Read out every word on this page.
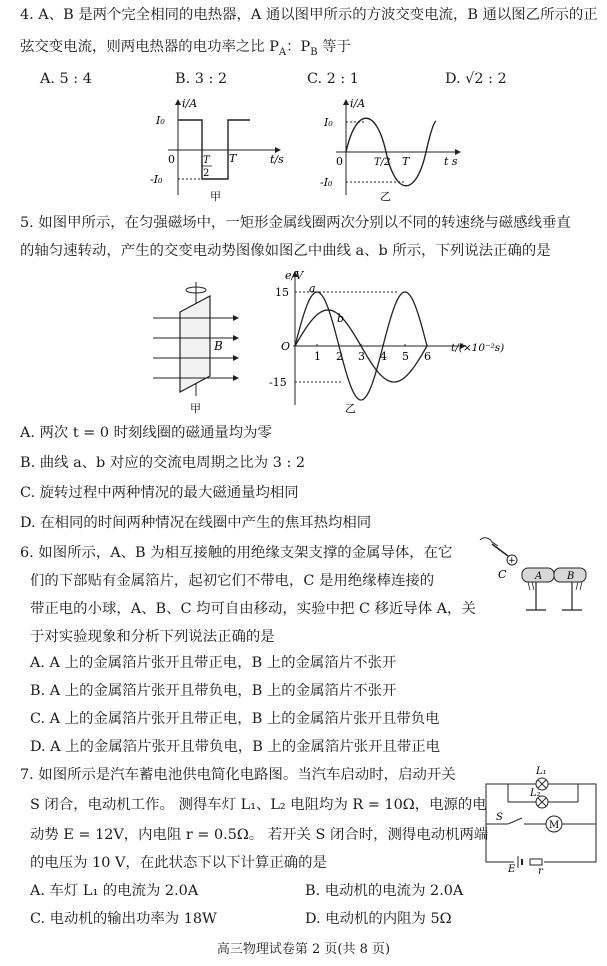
4. A、B 是两个完全相同的电热器，A 通以图甲所示的方波交变电流，B 通以图乙所示的正
弦交变电流，则两电热器的电功率之比 $P_A$：$P_B$ 等于
A. 5 : 4	B. 3 : 2	C. 2 : 1	D. √2 : 2
i/A
I₀
-I₀
0	T
2
T	t/s
甲
i/A
I₀
-I₀
0	T/2 T	t s
乙
5. 如图甲所示，在匀强磁场中，一矩形金属线圈两次分别以不同的转速绕与磁感线垂直
的轴匀速转动，产生的交变电动势图像如图乙中曲线 a、b 所示，下列说法正确的是
B
甲
e/V
15
-15
O
1 2 3 4 5 6
t/(×10⁻²s)
a
b
乙
A. 两次 t = 0 时刻线圈的磁通量均为零
B. 曲线 a、b 对应的交流电周期之比为 3 : 2
C. 旋转过程中两种情况的最大磁通量均相同
D. 在相同的时间两种情况在线圈中产生的焦耳热均相同
6. 如图所示，A、B 为相互接触的用绝缘支架支撑的金属导体，在它
们的下部贴有金属箔片，起初它们不带电，C 是用绝缘棒连接的
带正电的小球，A、B、C 均可自由移动，实验中把 C 移近导体 A，关
于对实验现象和分析下列说法正确的是
A. A 上的金属箔片张开且带正电，B 上的金属箔片不张开
B. A 上的金属箔片张开且带负电，B 上的金属箔片不张开
C. A 上的金属箔片张开且带正电，B 上的金属箔片张开且带负电
D. A 上的金属箔片张开且带负电，B 上的金属箔片张开且带正电
+
C	A B
7. 如图所示是汽车蓄电池供电简化电路图。当汽车启动时，启动开关
S 闭合，电动机工作。 测得车灯 L₁、L₂ 电阻均为 R = 10Ω，电源的电
动势 E = 12V，内电阻 r = 0.5Ω。 若开关 S 闭合时，测得电动机两端
的电压为 10 V，在此状态下以下计算正确的是
A. 车灯 L₁ 的电流为 2.0A	B. 电动机的电流为 2.0A
C. 电动机的输出功率为 18W	D. 电动机的内阻为 5Ω
L₁
L₂
M
S
E r
高三物理试卷第 2 页(共 8 页)
